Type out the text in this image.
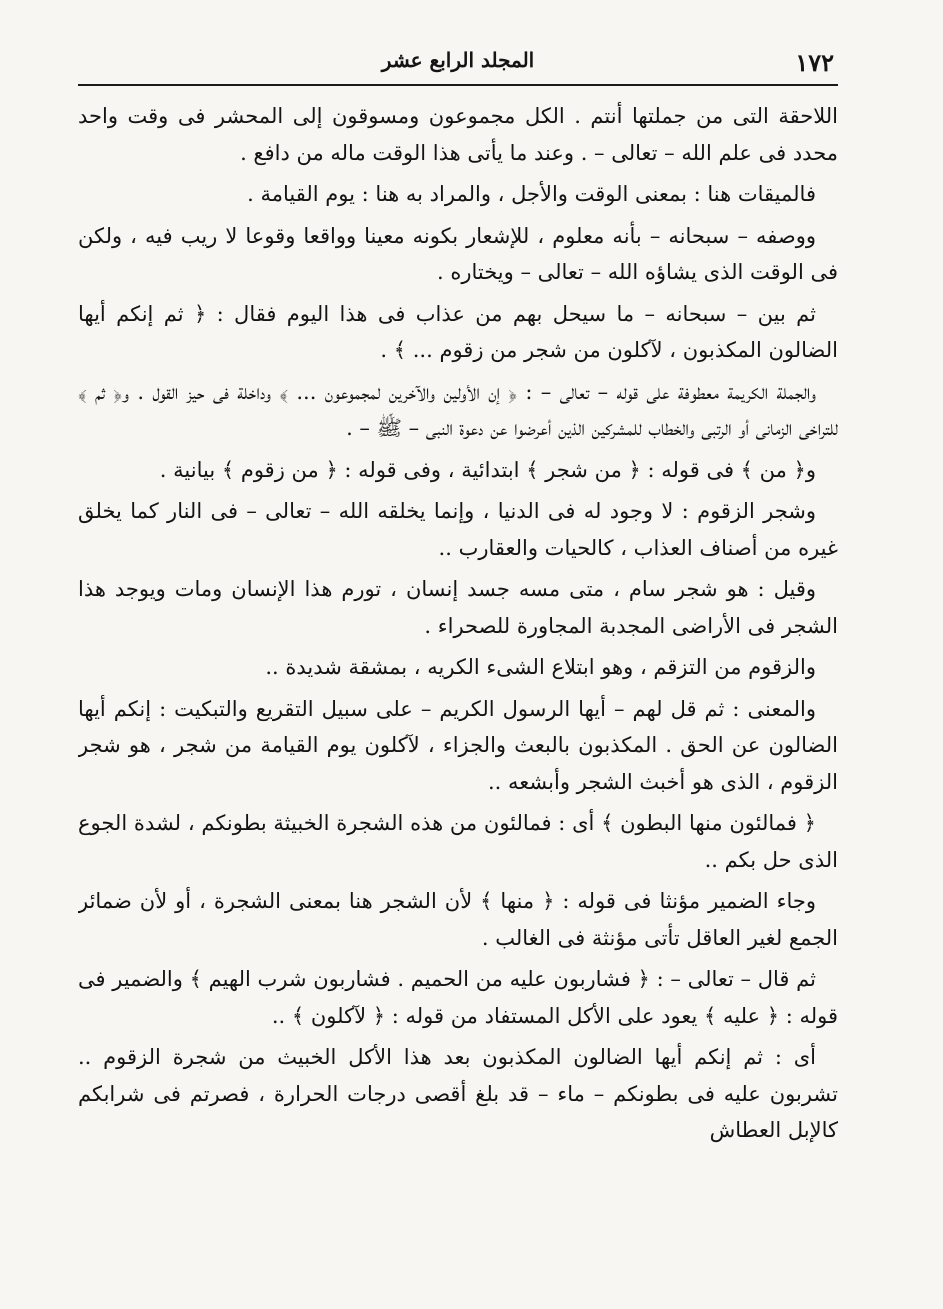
١٧٢
المجلد الرابع عشر

اللاحقة التى من جملتها أنتم . الكل مجموعون ومسوقون إلى المحشر فى وقت واحد محدد فى علم الله – تعالى – . وعند ما يأتى هذا الوقت ماله من دافع .

فالميقات هنا : بمعنى الوقت والأجل ، والمراد به هنا : يوم القيامة .

ووصفه – سبحانه – بأنه معلوم ، للإشعار بكونه معينا وواقعا وقوعا لا ريب فيه ، ولكن فى الوقت الذى يشاؤه الله – تعالى – ويختاره .

ثم بين – سبحانه – ما سيحل بهم من عذاب فى هذا اليوم فقال : ﴿ ثم إنكم أيها الضالون المكذبون ، لآكلون من شجر من زقوم ... ﴾ .

والجملة الكريمة معطوفة على قوله – تعالى – : ﴿ إن الأولين والآخرين لمجموعون ... ﴾ وداخلة فى حيز القول . و﴿ ثم ﴾ للتراخى الزمانى أو الرتبى والخطاب للمشركين الذين أعرضوا عن دعوة النبى – ﷺ – .

و﴿ من ﴾ فى قوله : ﴿ من شجر ﴾ ابتدائية ، وفى قوله : ﴿ من زقوم ﴾ بيانية .

وشجر الزقوم : لا وجود له فى الدنيا ، وإنما يخلقه الله – تعالى – فى النار كما يخلق غيره من أصناف العذاب ، كالحيات والعقارب ..

وقيل : هو شجر سام ، متى مسه جسد إنسان ، تورم هذا الإنسان ومات ويوجد هذا الشجر فى الأراضى المجدبة المجاورة للصحراء .

والزقوم من التزقم ، وهو ابتلاع الشىء الكريه ، بمشقة شديدة ..

والمعنى : ثم قل لهم – أيها الرسول الكريم – على سبيل التقريع والتبكيت : إنكم أيها الضالون عن الحق . المكذبون بالبعث والجزاء ، لآكلون يوم القيامة من شجر ، هو شجر الزقوم ، الذى هو أخبث الشجر وأبشعه ..

﴿ فمالئون منها البطون ﴾ أى : فمالئون من هذه الشجرة الخبيثة بطونكم ، لشدة الجوع الذى حل بكم ..

وجاء الضمير مؤنثا فى قوله : ﴿ منها ﴾ لأن الشجر هنا بمعنى الشجرة ، أو لأن ضمائر الجمع لغير العاقل تأتى مؤنثة فى الغالب .

ثم قال – تعالى – : ﴿ فشاربون عليه من الحميم . فشاربون شرب الهيم ﴾ والضمير فى قوله : ﴿ عليه ﴾ يعود على الأكل المستفاد من قوله : ﴿ لآكلون ﴾ ..

أى : ثم إنكم أيها الضالون المكذبون بعد هذا الأكل الخبيث من شجرة الزقوم .. تشربون عليه فى بطونكم – ماء – قد بلغ أقصى درجات الحرارة ، فصرتم فى شرابكم كالإبل العطاش
